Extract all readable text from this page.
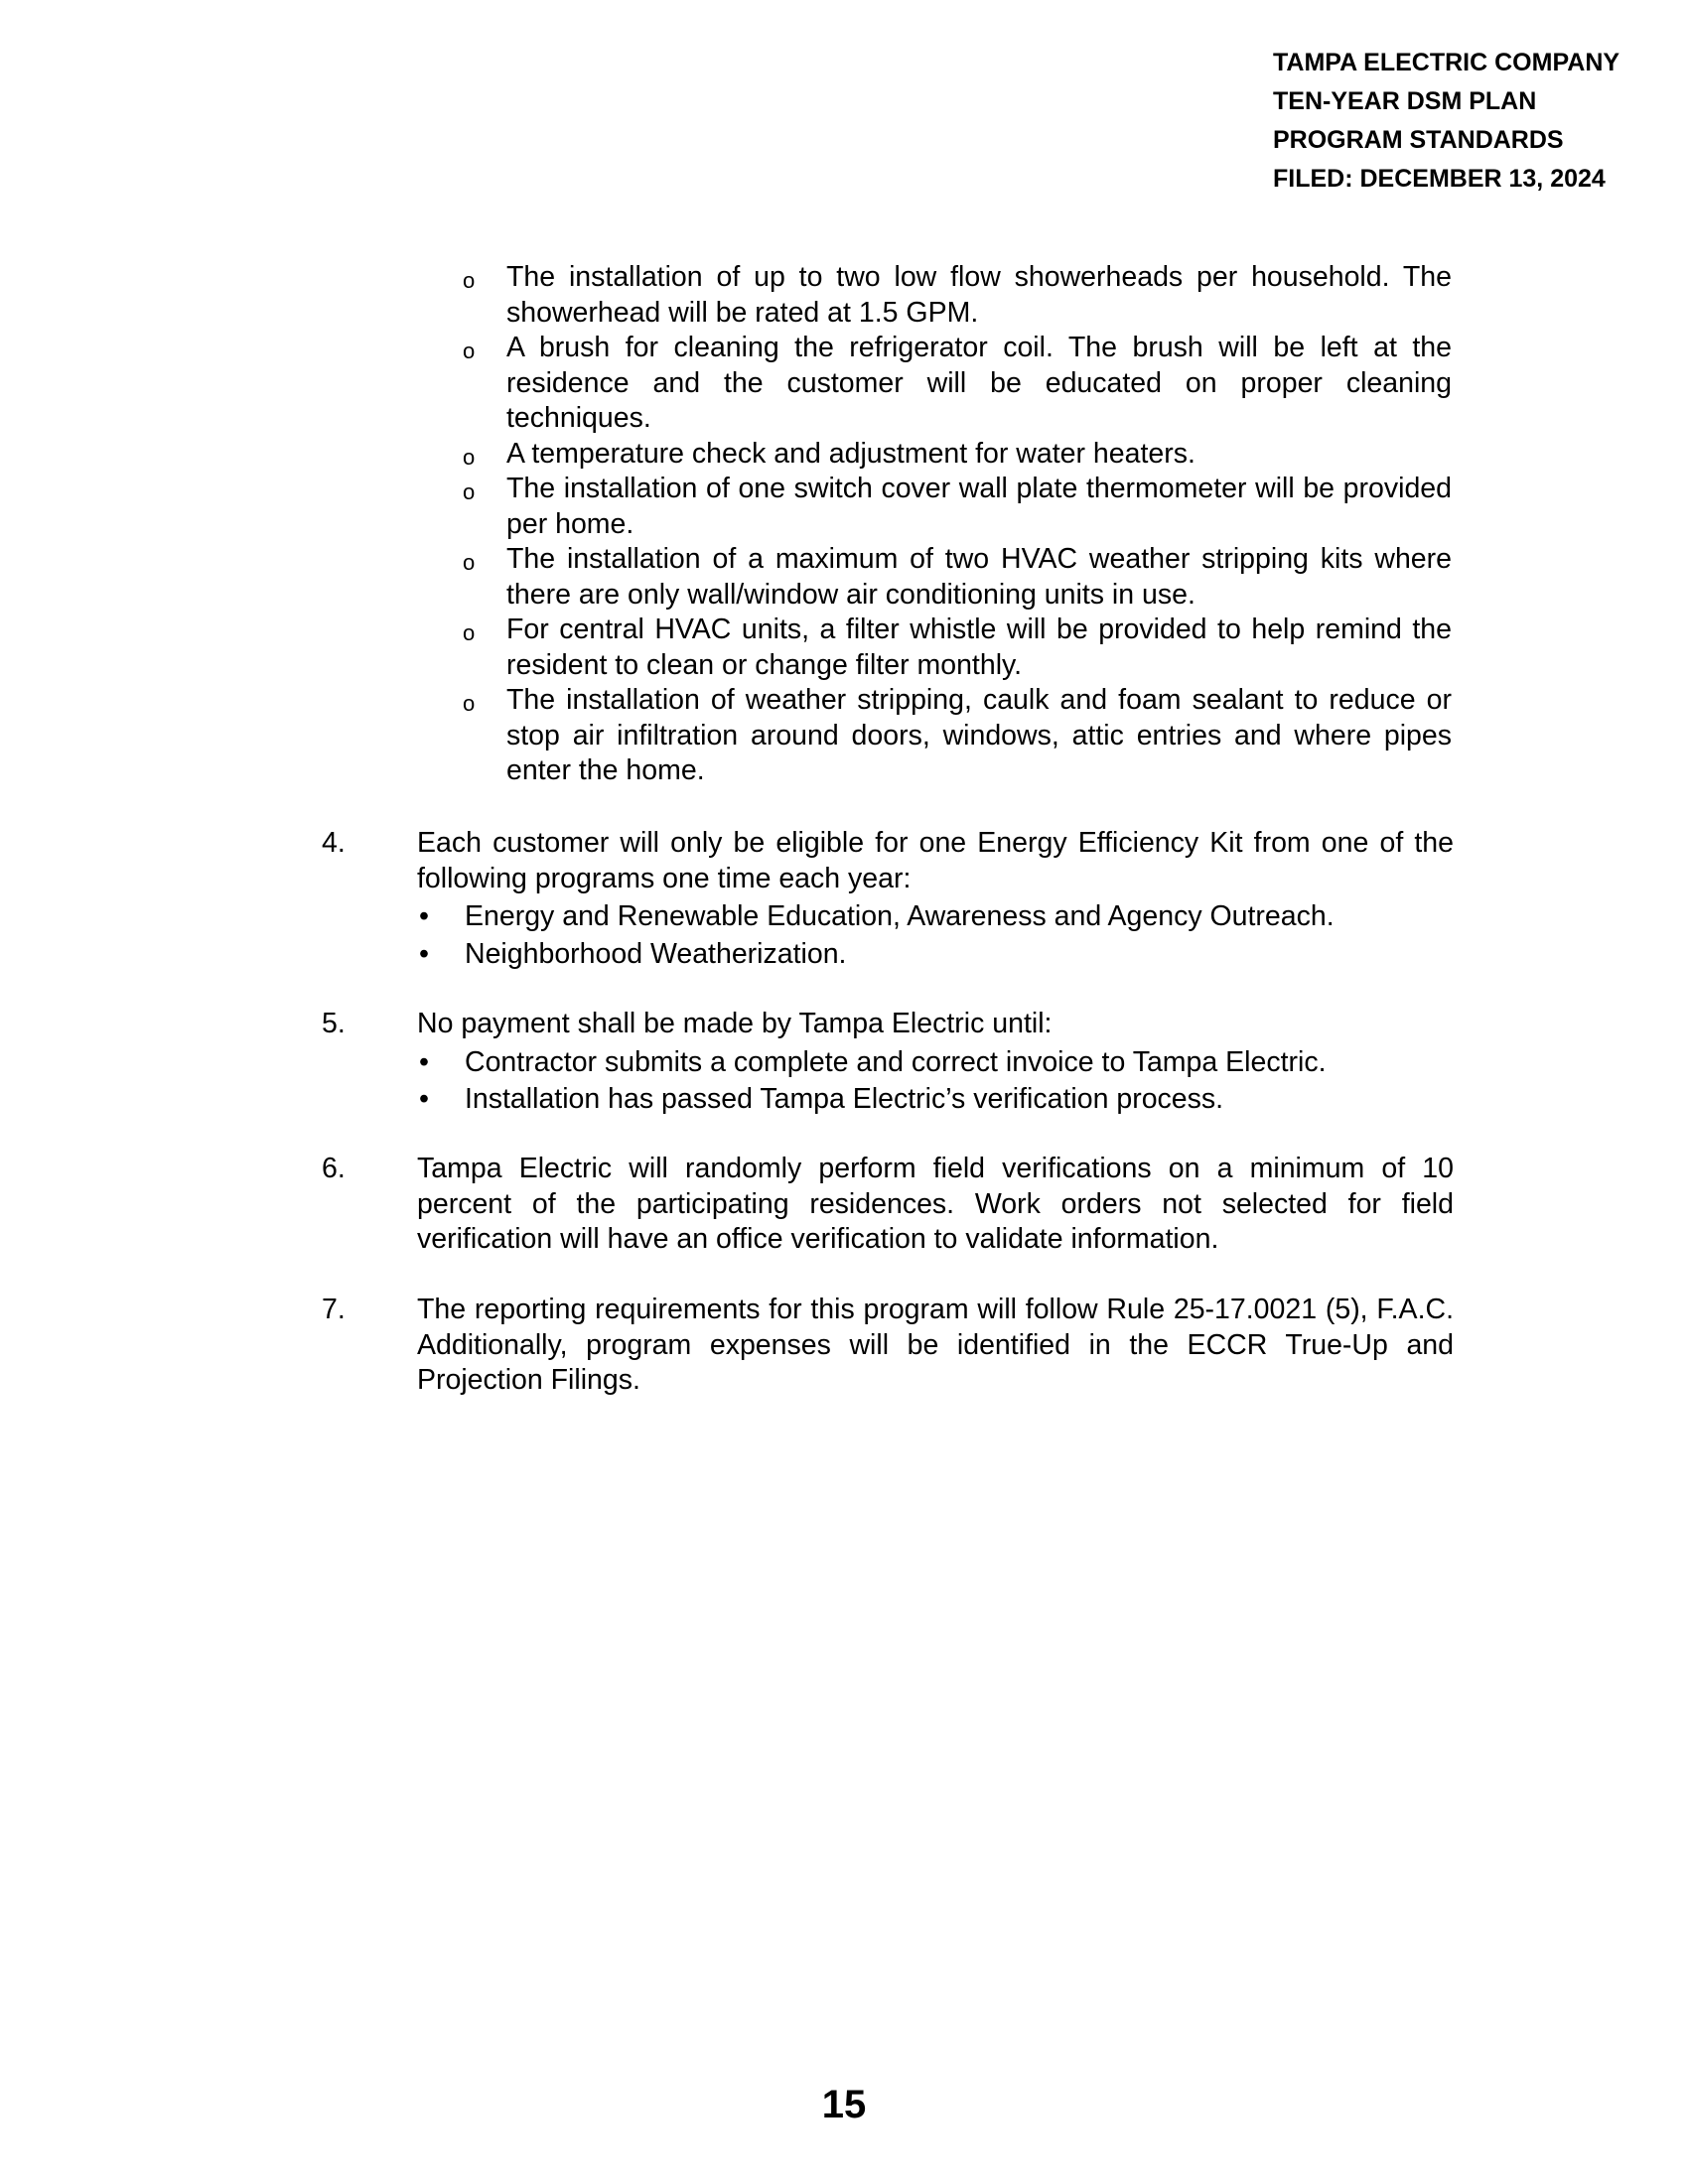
TAMPA ELECTRIC COMPANY
TEN-YEAR DSM PLAN
PROGRAM STANDARDS
FILED: DECEMBER 13, 2024
o The installation of up to two low flow showerheads per household. The showerhead will be rated at 1.5 GPM.
o A brush for cleaning the refrigerator coil. The brush will be left at the residence and the customer will be educated on proper cleaning techniques.
o A temperature check and adjustment for water heaters.
o The installation of one switch cover wall plate thermometer will be provided per home.
o The installation of a maximum of two HVAC weather stripping kits where there are only wall/window air conditioning units in use.
o For central HVAC units, a filter whistle will be provided to help remind the resident to clean or change filter monthly.
o The installation of weather stripping, caulk and foam sealant to reduce or stop air infiltration around doors, windows, attic entries and where pipes enter the home.
4.	Each customer will only be eligible for one Energy Efficiency Kit from one of the following programs one time each year:
• Energy and Renewable Education, Awareness and Agency Outreach.
• Neighborhood Weatherization.
5.	No payment shall be made by Tampa Electric until:
• Contractor submits a complete and correct invoice to Tampa Electric.
• Installation has passed Tampa Electric’s verification process.
6.	Tampa Electric will randomly perform field verifications on a minimum of 10 percent of the participating residences. Work orders not selected for field verification will have an office verification to validate information.
7.	The reporting requirements for this program will follow Rule 25-17.0021 (5), F.A.C. Additionally, program expenses will be identified in the ECCR True-Up and Projection Filings.
15
